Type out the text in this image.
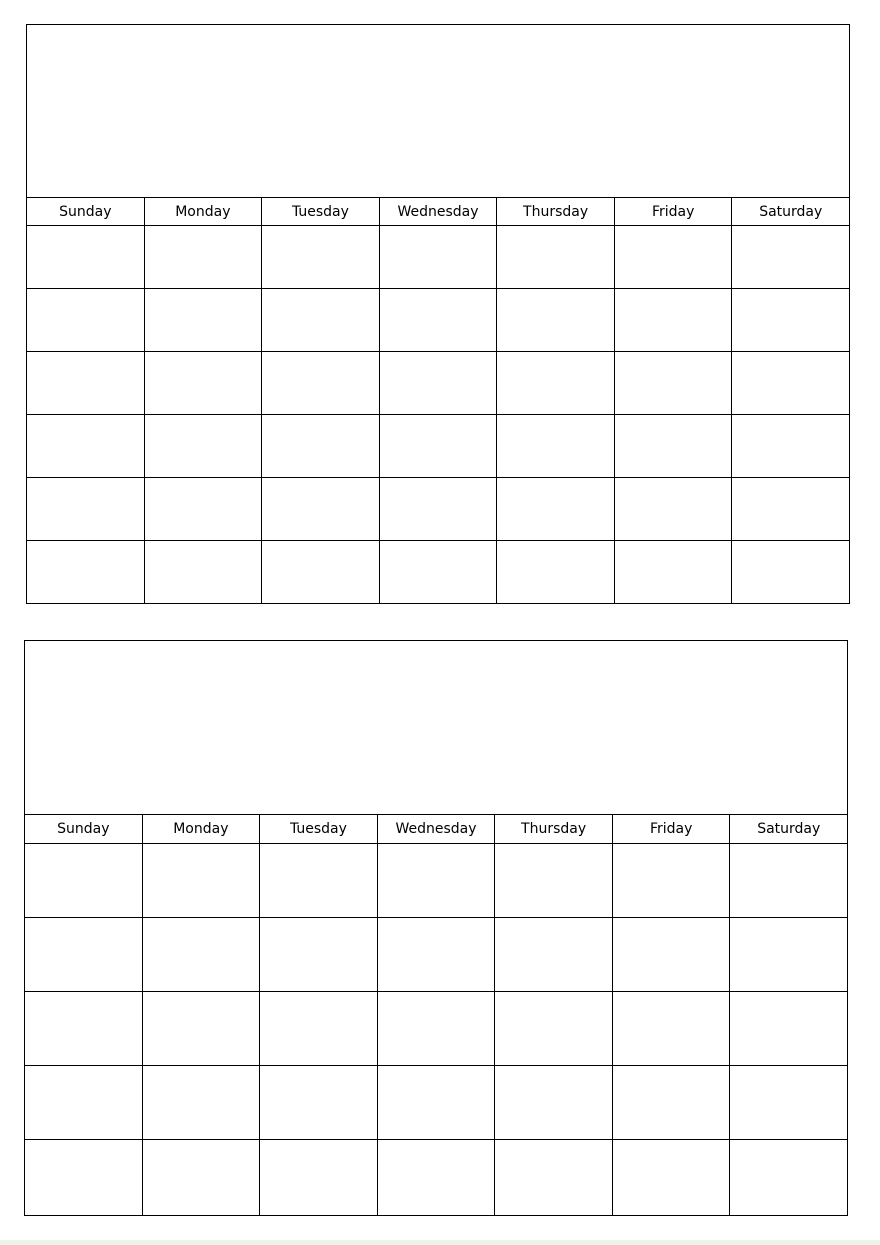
Sunday	Monday	Tuesday	Wednesday	Thursday	Friday	Saturday
Sunday	Monday	Tuesday	Wednesday	Thursday	Friday	Saturday
